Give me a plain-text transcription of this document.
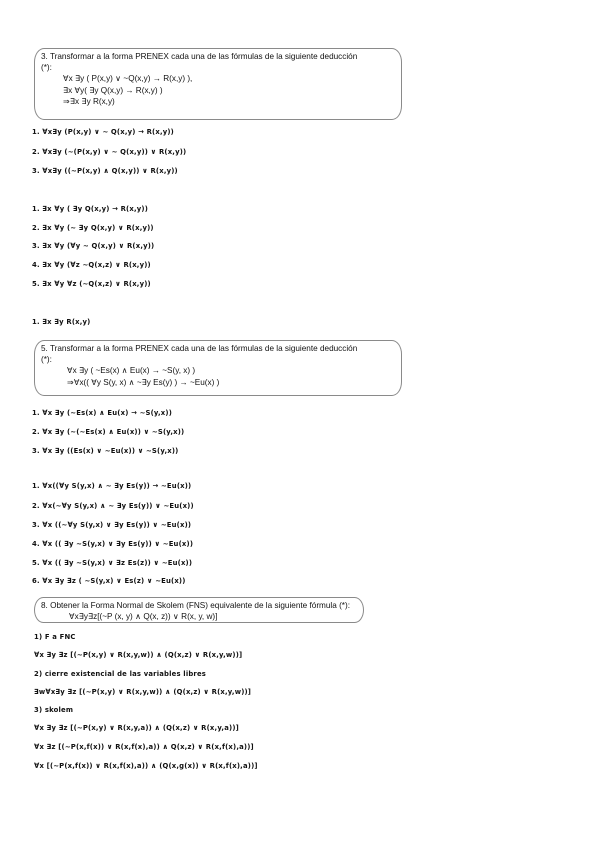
3. Transformar a la forma PRENEX cada una de las fórmulas de la siguiente deducción
(*):
∀x ∃y ( P(x,y) ∨ ~Q(x,y) → R(x,y) ),
∃x ∀y( ∃y Q(x,y) → R(x,y) )
⇒∃x ∃y R(x,y)
1. ∀x∃y (P(x,y) ∨ ~ Q(x,y) → R(x,y))
2. ∀x∃y (~(P(x,y) ∨ ~ Q(x,y)) ∨ R(x,y))
3. ∀x∃y ((~P(x,y) ∧ Q(x,y)) ∨ R(x,y))
1. ∃x ∀y ( ∃y Q(x,y) → R(x,y))
2. ∃x ∀y (~ ∃y Q(x,y) ∨ R(x,y))
3. ∃x ∀y (∀y ~ Q(x,y) ∨ R(x,y))
4. ∃x ∀y (∀z ~Q(x,z) ∨ R(x,y))
5. ∃x ∀y ∀z (~Q(x,z) ∨ R(x,y))
1. ∃x ∃y R(x,y)
5. Transformar a la forma PRENEX cada una de las fórmulas de la siguiente deducción
(*):
∀x ∃y ( ~Es(x) ∧ Eu(x) → ~S(y, x) )
⇒∀x(( ∀y S(y, x) ∧ ~∃y Es(y) ) → ~Eu(x) )
1. ∀x ∃y (~Es(x) ∧ Eu(x) → ~S(y,x))
2. ∀x ∃y (~(~Es(x) ∧ Eu(x)) ∨ ~S(y,x))
3. ∀x ∃y ((Es(x) ∨ ~Eu(x)) ∨ ~S(y,x))
1. ∀x((∀y S(y,x) ∧ ~ ∃y Es(y)) → ~Eu(x))
2. ∀x(~∀y S(y,x) ∧ ~ ∃y Es(y)) ∨ ~Eu(x))
3. ∀x ((~∀y S(y,x) ∨ ∃y Es(y)) ∨ ~Eu(x))
4. ∀x (( ∃y ~S(y,x) ∨ ∃y Es(y)) ∨ ~Eu(x))
5. ∀x (( ∃y ~S(y,x) ∨ ∃z Es(z)) ∨ ~Eu(x))
6. ∀x ∃y ∃z ( ~S(y,x) ∨ Es(z) ∨ ~Eu(x))
8. Obtener la Forma Normal de Skolem (FNS) equivalente de la siguiente fórmula (*):
∀x∃y∃z[(~P (x, y) ∧ Q(x, z)) ∨ R(x, y, w)]
1) F a FNC
∀x ∃y ∃z [(~P(x,y) ∨ R(x,y,w)) ∧ (Q(x,z) ∨ R(x,y,w))]
2) cierre existencial de las variables libres
∃w∀x∃y ∃z [(~P(x,y) ∨ R(x,y,w)) ∧ (Q(x,z) ∨ R(x,y,w))]
3) skolem
∀x ∃y ∃z [(~P(x,y) ∨ R(x,y,a)) ∧ (Q(x,z) ∨ R(x,y,a))]
∀x ∃z [(~P(x,f(x)) ∨ R(x,f(x),a)) ∧ Q(x,z) ∨ R(x,f(x),a))]
∀x [(~P(x,f(x)) ∨ R(x,f(x),a)) ∧ (Q(x,g(x)) ∨ R(x,f(x),a))]
